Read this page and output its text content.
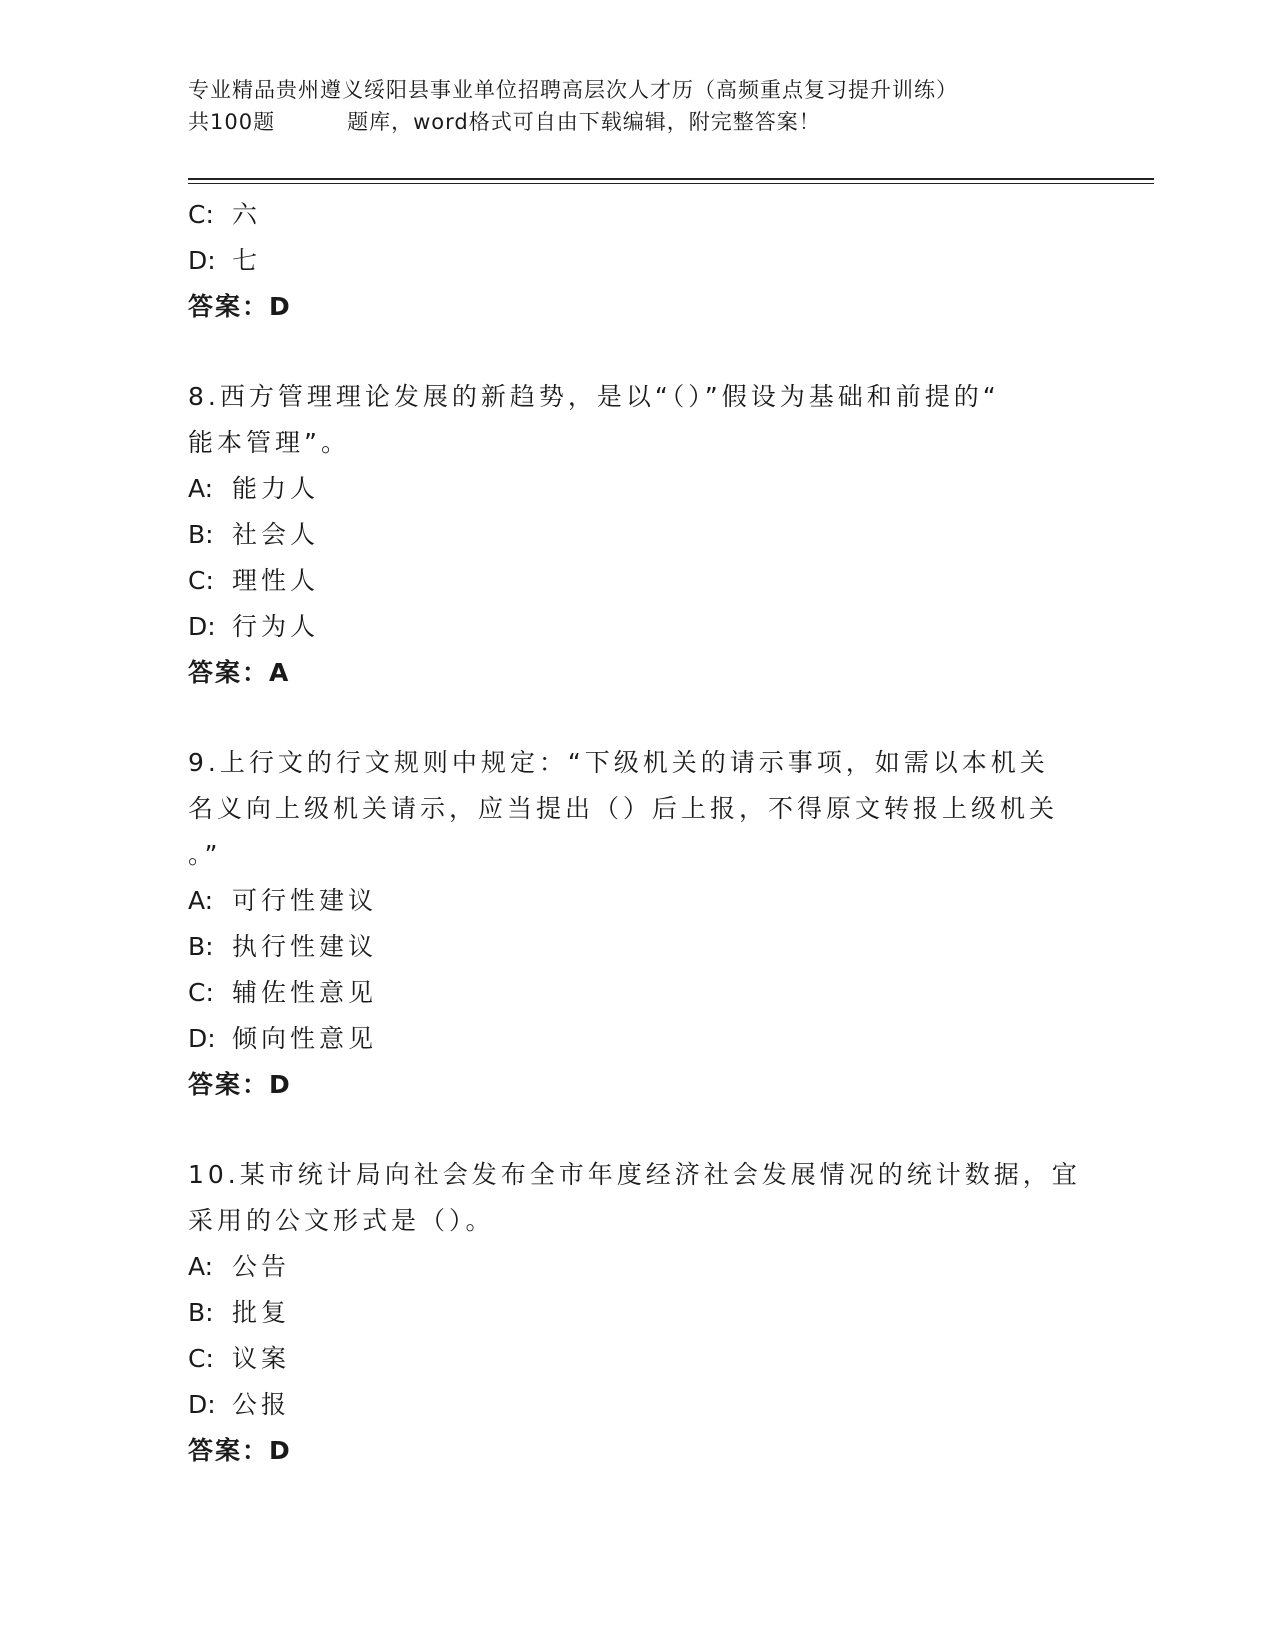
专业精品贵州遵义绥阳县事业单位招聘高层次人才历（高频重点复习提升训练）
共100题	题库，word格式可自由下载编辑，附完整答案！
C: 六
D: 七
答案：D
8.西方管理理论发展的新趋势，是以“（）”假设为基础和前提的“
能本管理”。
A: 能力人
B: 社会人
C: 理性人
D: 行为人
答案：A
9.上行文的行文规则中规定：“下级机关的请示事项，如需以本机关
名义向上级机关请示，应当提出（）后上报，不得原文转报上级机关
。”
A: 可行性建议
B: 执行性建议
C: 辅佐性意见
D: 倾向性意见
答案：D
10.某市统计局向社会发布全市年度经济社会发展情况的统计数据，宜
采用的公文形式是（）。
A: 公告
B: 批复
C: 议案
D: 公报
答案：D
